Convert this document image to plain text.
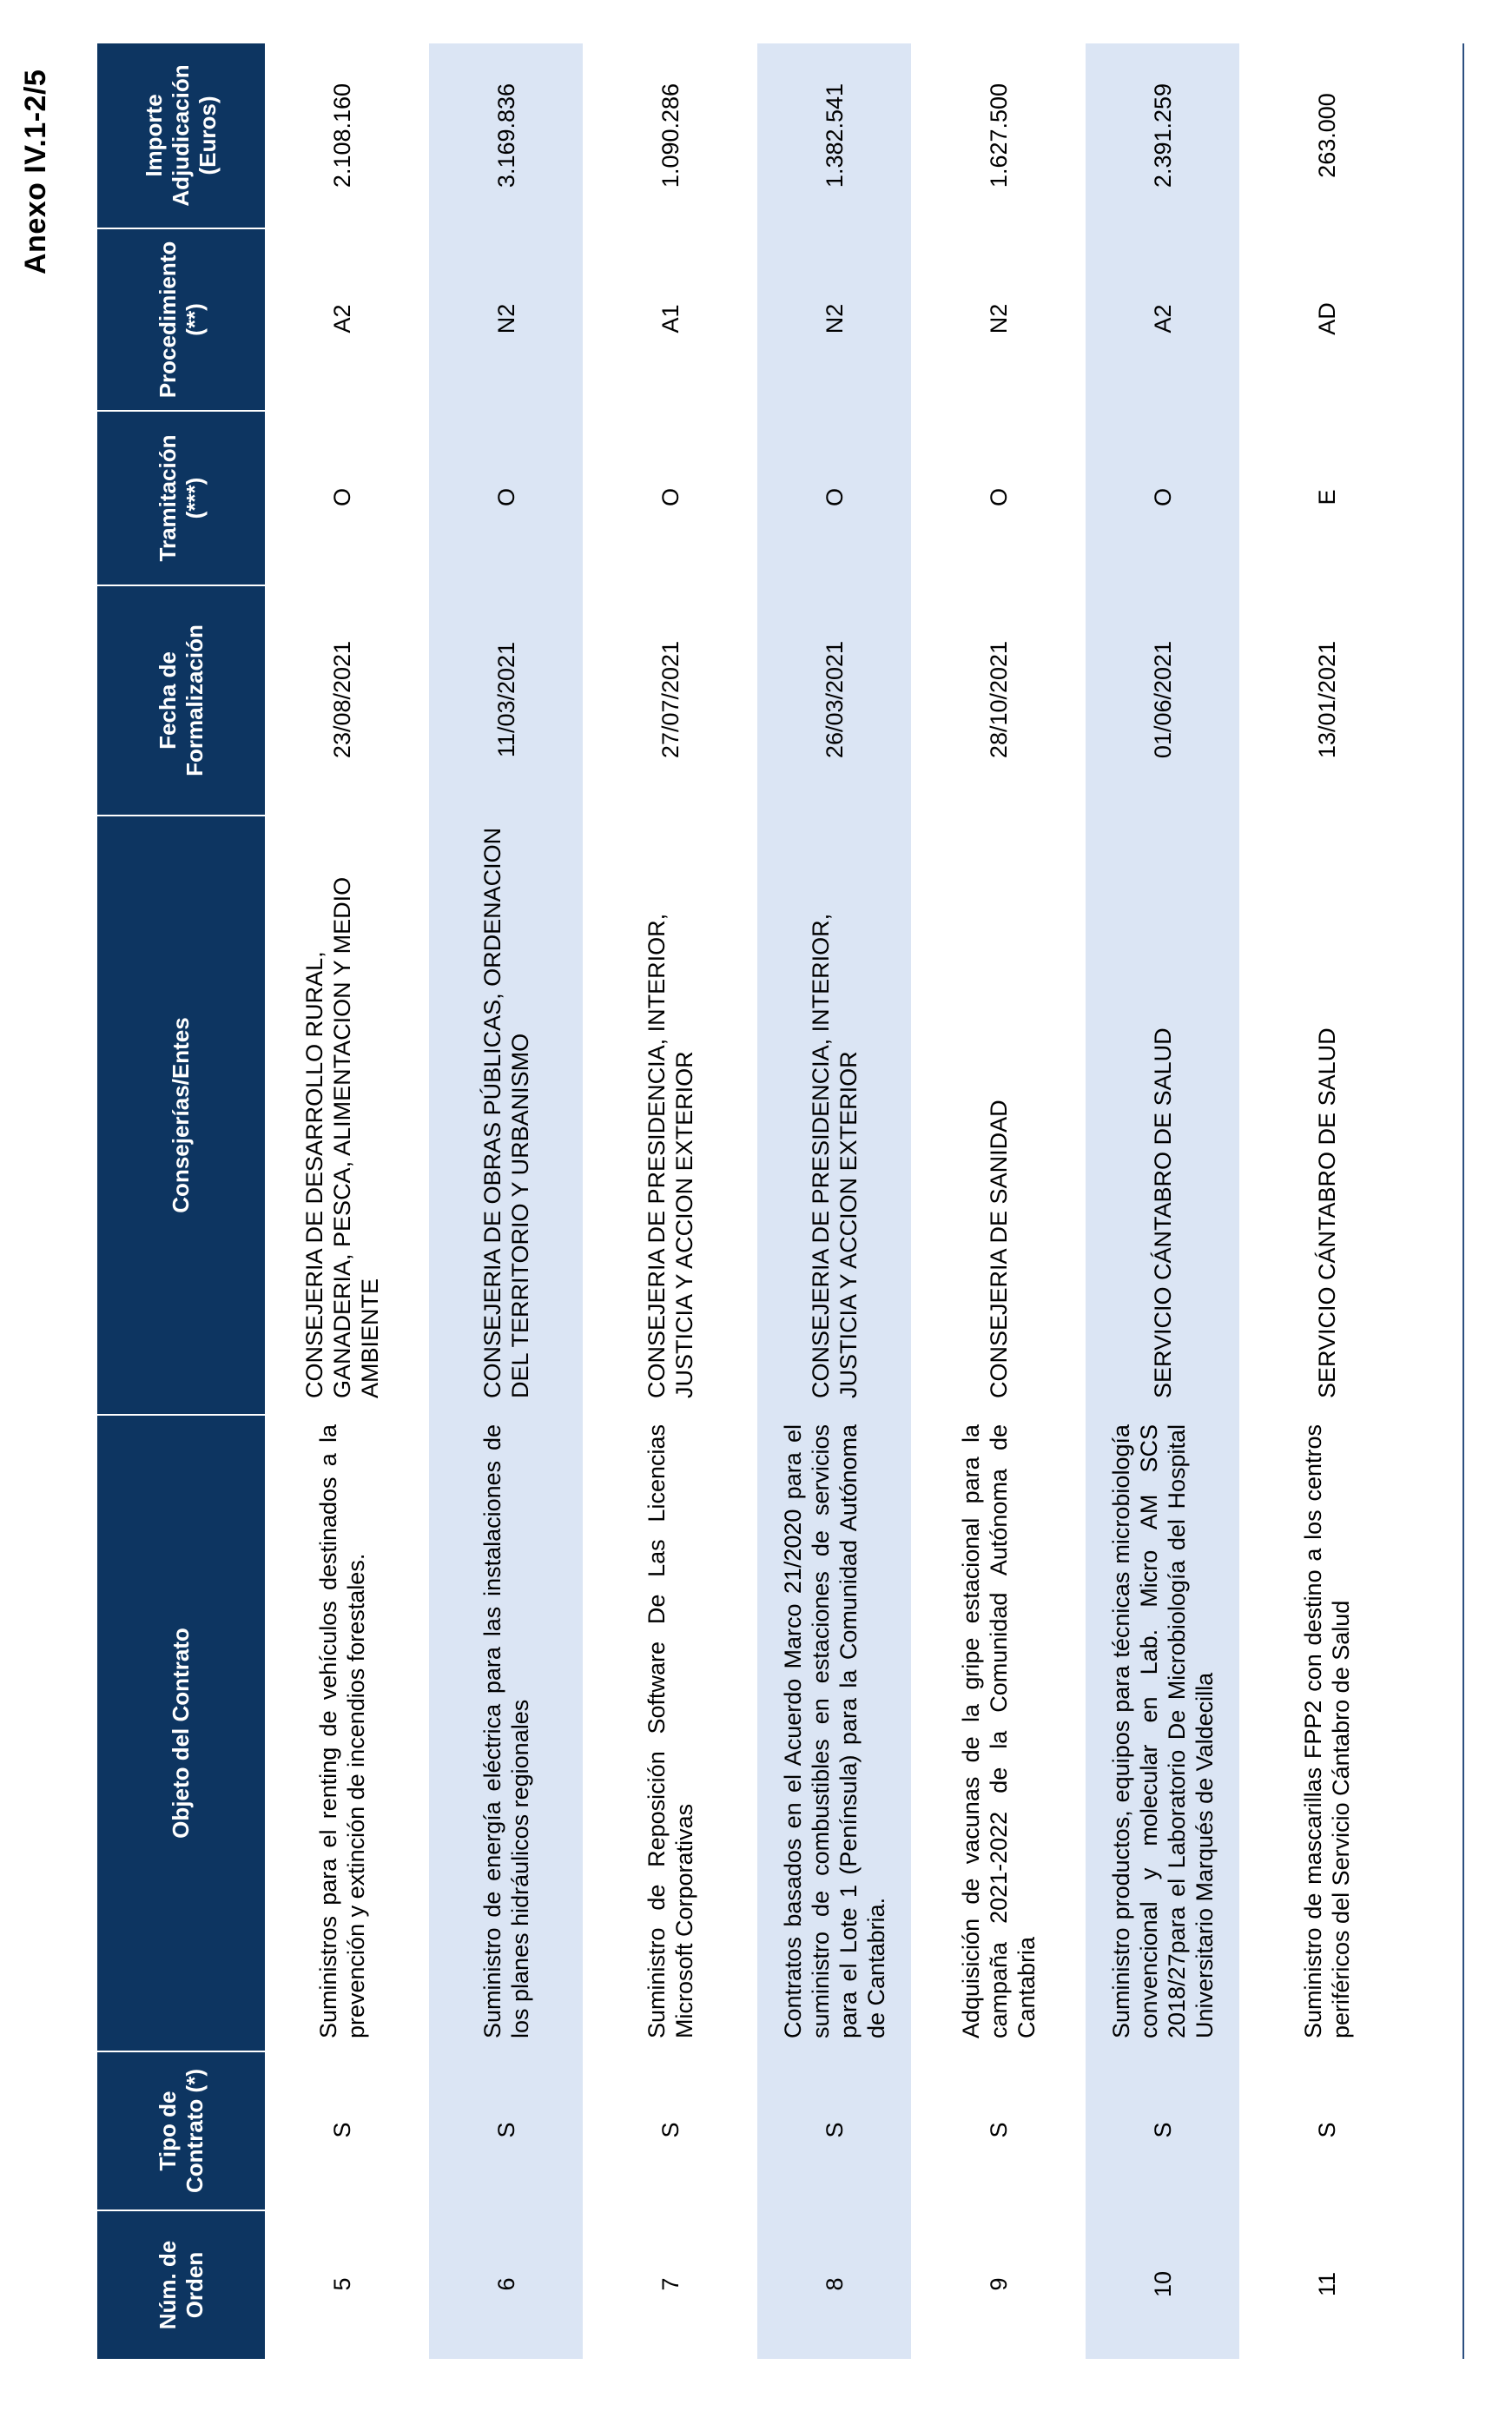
Anexo IV.1-2/5
Núm. de Orden	Tipo de Contrato (*)	Objeto del Contrato	Consejerías/Entes	Fecha de Formalización	Tramitación (***)	Procedimiento (**)	Importe Adjudicación (Euros)
5	S	Suministros para el renting de vehículos destinados a la prevención y extinción de incendios forestales.	CONSEJERIA DE DESARROLLO RURAL, GANADERIA, PESCA, ALIMENTACION Y MEDIO AMBIENTE	23/08/2021	O	A2	2.108.160
6	S	Suministro de energía eléctrica para las instalaciones de los planes hidráulicos regionales	CONSEJERIA DE OBRAS PÚBLICAS, ORDENACION DEL TERRITORIO Y URBANISMO	11/03/2021	O	N2	3.169.836
7	S	Suministro de Reposición Software De Las Licencias Microsoft Corporativas	CONSEJERIA DE PRESIDENCIA, INTERIOR, JUSTICIA Y ACCION EXTERIOR	27/07/2021	O	A1	1.090.286
8	S	Contratos basados en el Acuerdo Marco 21/2020 para el suministro de combustibles en estaciones de servicios para el Lote 1 (Península) para la Comunidad Autónoma de Cantabria.	CONSEJERIA DE PRESIDENCIA, INTERIOR, JUSTICIA Y ACCION EXTERIOR	26/03/2021	O	N2	1.382.541
9	S	Adquisición de vacunas de la gripe estacional para la campaña 2021-2022 de la Comunidad Autónoma de Cantabria	CONSEJERIA DE SANIDAD	28/10/2021	O	N2	1.627.500
10	S	Suministro productos, equipos para técnicas microbiología convencional y molecular en Lab. Micro AM SCS 2018/27para el Laboratorio De Microbiología del Hospital Universitario Marqués de Valdecilla	SERVICIO CÁNTABRO DE SALUD	01/06/2021	O	A2	2.391.259
11	S	Suministro de mascarillas FPP2 con destino a los centros periféricos del Servicio Cántabro de Salud	SERVICIO CÁNTABRO DE SALUD	13/01/2021	E	AD	263.000
